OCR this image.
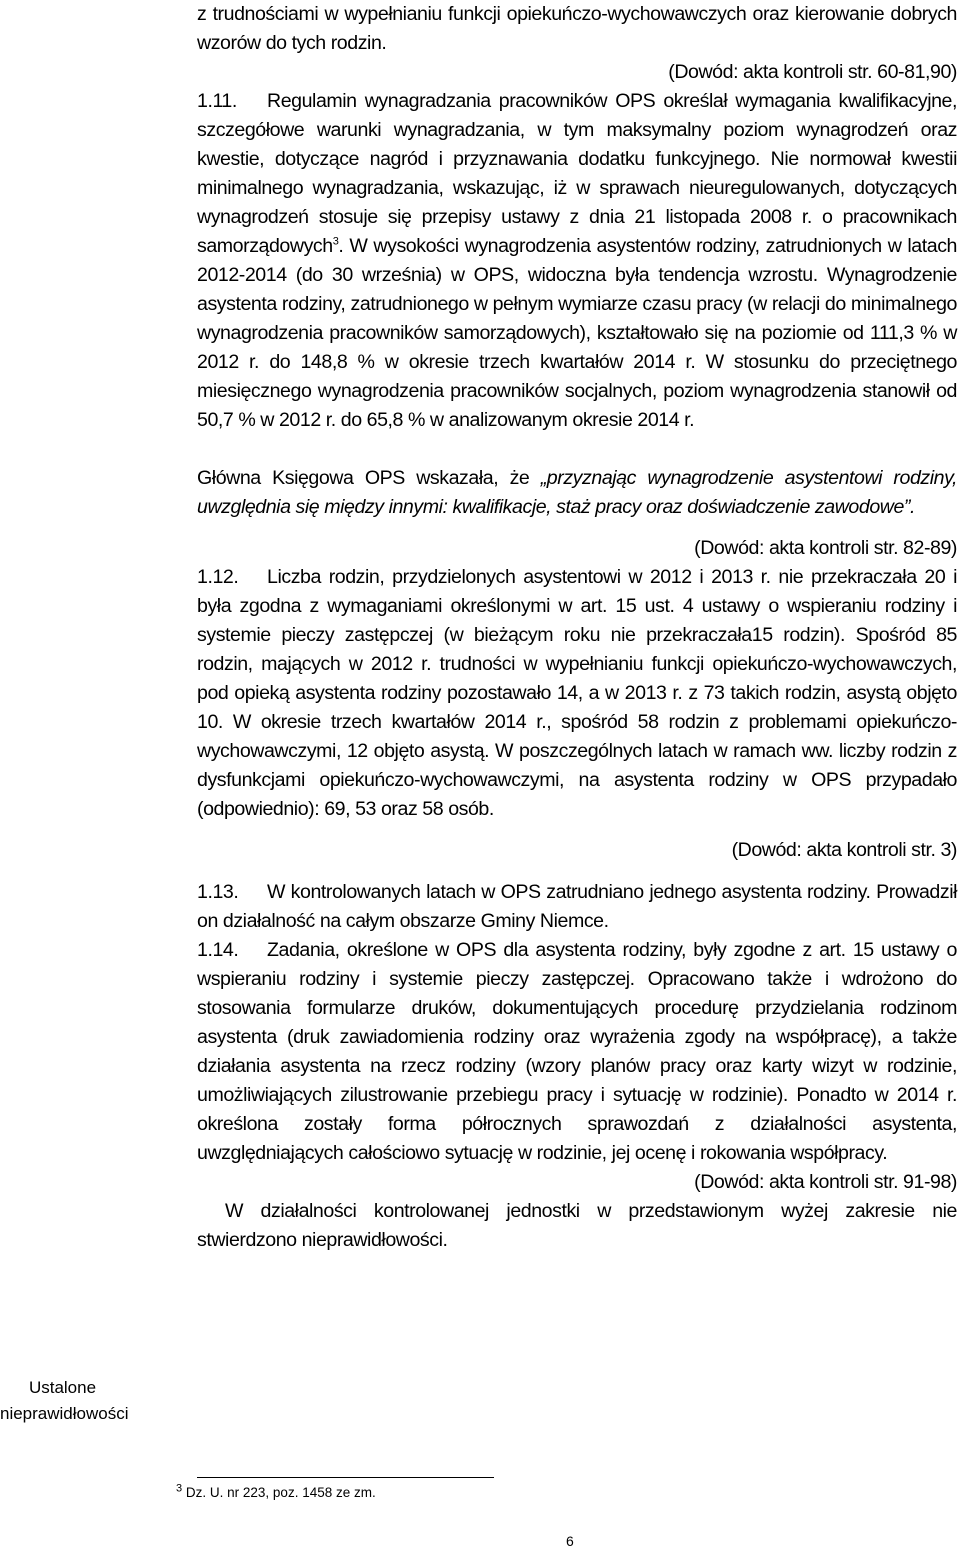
z trudnościami w wypełnianiu funkcji opiekuńczo-wychowawczych oraz kierowanie dobrych wzorów do tych rodzin.

(Dowód: akta kontroli str. 60-81,90)

1.11. Regulamin wynagradzania pracowników OPS określał wymagania kwalifikacyjne, szczegółowe warunki wynagradzania, w tym maksymalny poziom wynagrodzeń oraz kwestie, dotyczące nagród i przyznawania dodatku funkcyjnego. Nie normował kwestii minimalnego wynagradzania, wskazując, iż w sprawach nieuregulowanych, dotyczących wynagrodzeń stosuje się przepisy ustawy z dnia 21 listopada 2008 r. o pracownikach samorządowych$^3$. W wysokości wynagrodzenia asystentów rodziny, zatrudnionych w latach 2012-2014 (do 30 września) w OPS, widoczna była tendencja wzrostu. Wynagrodzenie asystenta rodziny, zatrudnionego w pełnym wymiarze czasu pracy (w relacji do minimalnego wynagrodzenia pracowników samorządowych), kształtowało się na poziomie od 111,3 % w 2012 r. do 148,8 % w okresie trzech kwartałów 2014 r. W stosunku do przeciętnego miesięcznego wynagrodzenia pracowników socjalnych, poziom wynagrodzenia stanowił od 50,7 % w 2012 r. do 65,8 % w analizowanym okresie 2014 r.

Główna Księgowa OPS wskazała, że „przyznając wynagrodzenie asystentowi rodziny, uwzględnia się między innymi: kwalifikacje, staż pracy oraz doświadczenie zawodowe”.

(Dowód: akta kontroli str. 82-89)

1.12. Liczba rodzin, przydzielonych asystentowi w 2012 i 2013 r. nie przekraczała 20 i była zgodna z wymaganiami określonymi w art. 15 ust. 4 ustawy o wspieraniu rodziny i systemie pieczy zastępczej (w bieżącym roku nie przekraczała15 rodzin). Spośród 85 rodzin, mających w 2012 r. trudności w wypełnianiu funkcji opiekuńczo-wychowawczych, pod opieką asystenta rodziny pozostawało 14, a w 2013 r. z 73 takich rodzin, asystą objęto 10. W okresie trzech kwartałów 2014 r., spośród 58 rodzin z problemami opiekuńczo-wychowawczymi, 12 objęto asystą. W poszczególnych latach w ramach ww. liczby rodzin z dysfunkcjami opiekuńczo-wychowawczymi, na asystenta rodziny w OPS przypadało (odpowiednio): 69, 53 oraz 58 osób.

(Dowód: akta kontroli str. 3)

1.13. W kontrolowanych latach w OPS zatrudniano jednego asystenta rodziny. Prowadził on działalność na całym obszarze Gminy Niemce.

1.14. Zadania, określone w OPS dla asystenta rodziny, były zgodne z art. 15 ustawy o wspieraniu rodziny i systemie pieczy zastępczej. Opracowano także i wdrożono do stosowania formularze druków, dokumentujących procedurę przydzielania rodzinom asystenta (druk zawiadomienia rodziny oraz wyrażenia zgody na współpracę), a także działania asystenta na rzecz rodziny (wzory planów pracy oraz karty wizyt w rodzinie, umożliwiających zilustrowanie przebiegu pracy i sytuację w rodzinie). Ponadto w 2014 r. określona zostały forma półrocznych sprawozdań z działalności asystenta, uwzględniających całościowo sytuację w rodzinie, jej ocenę i rokowania współpracy.

(Dowód: akta kontroli str. 91-98)

W działalności kontrolowanej jednostki w przedstawionym wyżej zakresie nie stwierdzono nieprawidłowości.

Ustalone
nieprawidłowości
$^3$ Dz. U. nr 223, poz. 1458 ze zm.
6
